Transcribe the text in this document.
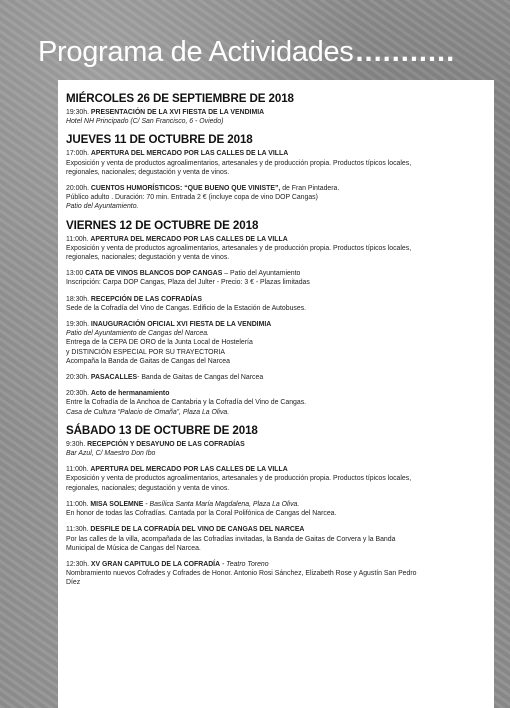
Programa de Actividades ...........
MIÉRCOLES 26 DE SEPTIEMBRE DE 2018
19:30h. PRESENTACIÓN DE LA XVI FIESTA DE LA VENDIMIA
Hotel NH Principado (C/ San Francisco, 6 - Oviedo)
JUEVES 11 DE OCTUBRE DE 2018
17:00h. APERTURA DEL MERCADO POR LAS CALLES DE LA VILLA
Exposición y venta de productos agroalimentarios, artesanales y de producción propia. Productos típicos locales,
regionales, nacionales; degustación y venta de vinos.
20:00h. CUENTOS HUMORÍSTICOS: “QUE BUENO QUE VINISTE”, de Fran Pintadera.
Público adulto . Duración: 70 min. Entrada 2 € (incluye copa de vino DOP Cangas)
Patio del Ayuntamiento.
VIERNES 12 DE OCTUBRE DE 2018
11:00h. APERTURA DEL MERCADO POR LAS CALLES DE LA VILLA
Exposición y venta de productos agroalimentarios, artesanales y de producción propia. Productos típicos locales,
regionales, nacionales; degustación y venta de vinos.
13:00 CATA DE VINOS BLANCOS DOP CANGAS – Patio del Ayuntamiento
Inscripción: Carpa DOP Cangas, Plaza del Julter - Precio: 3 € - Plazas limitadas
18:30h. RECEPCIÓN DE LAS COFRADÍAS
Sede de la Cofradía del Vino de Cangas. Edificio de la Estación de Autobuses.
19:30h. INAUGURACIÓN OFICIAL XVI FIESTA DE LA VENDIMIA
Patio del Ayuntamiento de Cangas del Narcea.
Entrega de la CEPA DE ORO de la Junta Local de Hostelería
y DISTINCIÓN ESPECIAL POR SU TRAYECTORIA
Acompaña la Banda de Gaitas de Cangas del Narcea
20:30h. PASACALLES- Banda de Gaitas de Cangas del Narcea
20:30h. Acto de hermanamiento
Entre la Cofradía de la Anchoa de Cantabria y la Cofradía del Vino de Cangas.
Casa de Cultura “Palacio de Omaña”, Plaza La Oliva.
SÁBADO 13 DE OCTUBRE DE 2018
9:30h. RECEPCIÓN Y DESAYUNO DE LAS COFRADÍAS
Bar Azul, C/ Maestro Don Ibo
11:00h. APERTURA DEL MERCADO POR LAS CALLES DE LA VILLA
Exposición y venta de productos agroalimentarios, artesanales y de producción propia. Productos típicos locales,
regionales, nacionales; degustación y venta de vinos.
11:00h. MISA SOLEMNE - Basílica Santa María Magdalena, Plaza La Oliva.
En honor de todas las Cofradías. Cantada por la Coral Polifónica de Cangas del Narcea.
11:30h. DESFILE DE LA COFRADÍA DEL VINO DE CANGAS DEL NARCEA
Por las calles de la villa, acompañada de las Cofradías invitadas, la Banda de Gaitas de Corvera y la Banda
Municipal de Música de Cangas del Narcea.
12:30h. XV GRAN CAPITULO DE LA COFRADÍA - Teatro Toreno
Nombramiento nuevos Cofrades y Cofrades de Honor. Antonio Rosi Sánchez, Elizabeth Rose y Agustín San Pedro
Díez
